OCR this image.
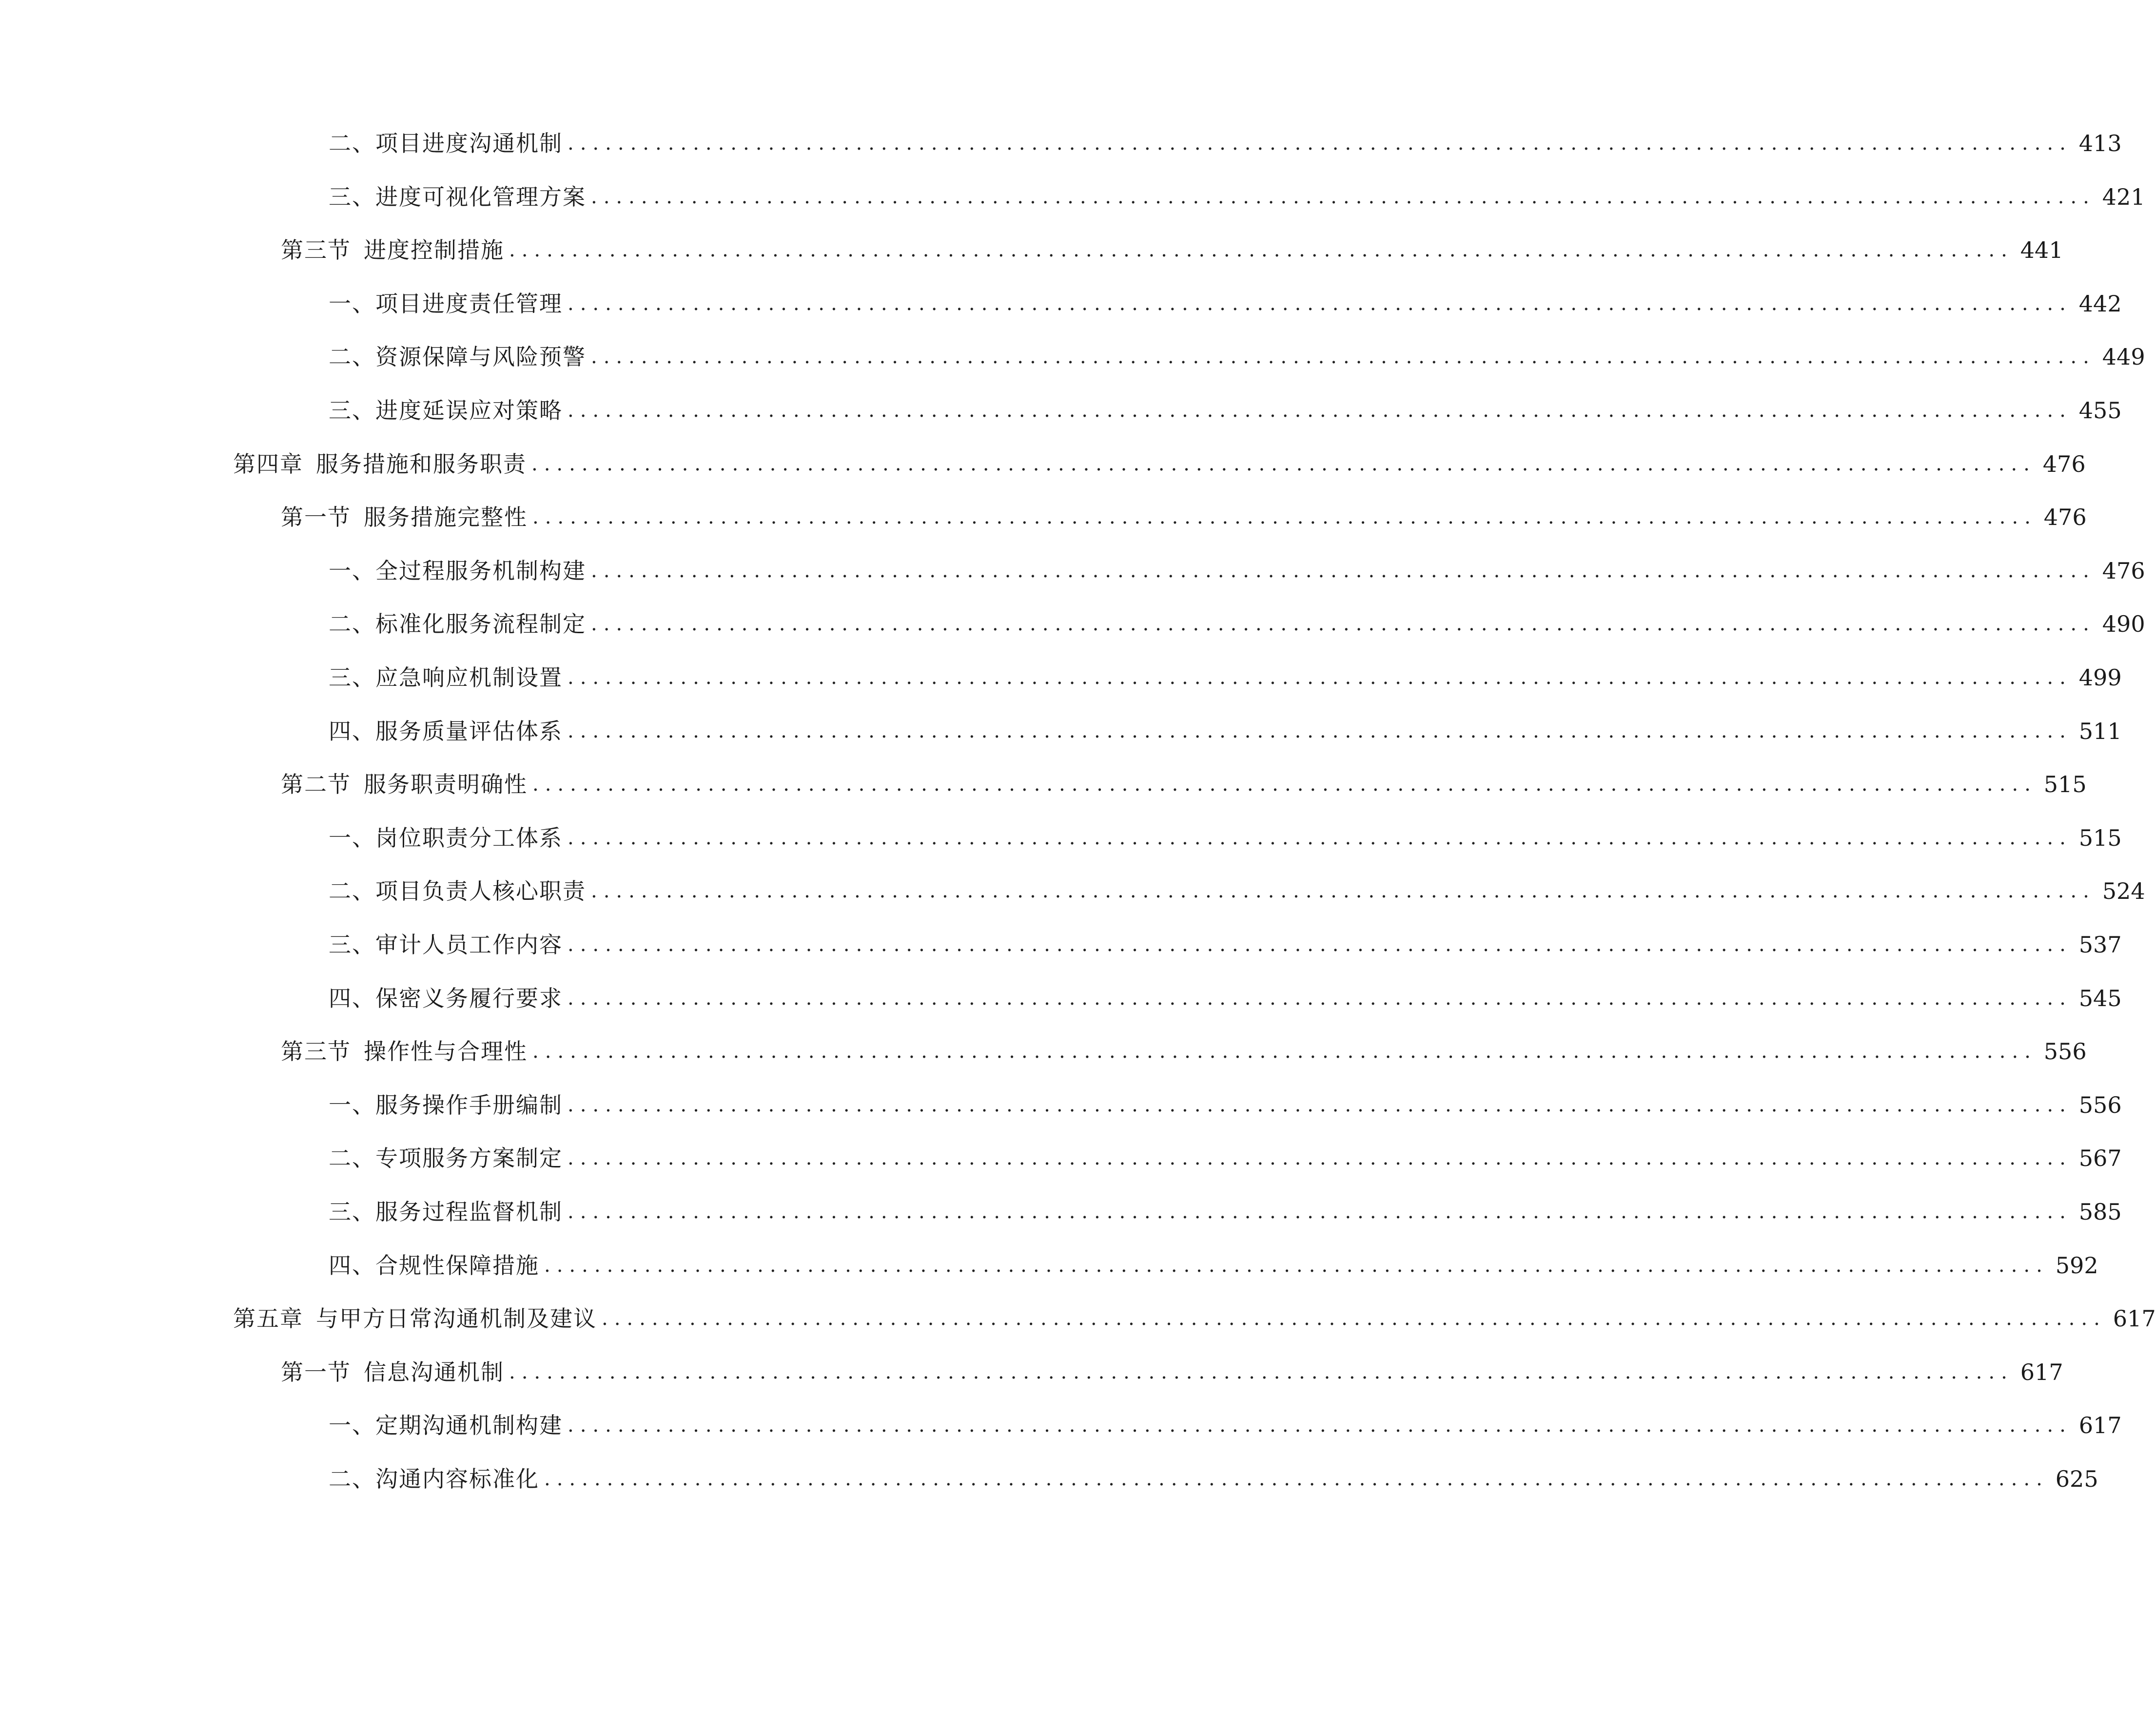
二、 项目进度沟通机制 ........................................................................................................................ 413
三、 进度可视化管理方案 ........................................................................................................................ 421
第三节 进度控制措施 ........................................................................................................................ 441
一、 项目进度责任管理 ........................................................................................................................ 442
二、 资源保障与风险预警 ........................................................................................................................ 449
三、 进度延误应对策略 ........................................................................................................................ 455
第四章 服务措施和服务职责 ........................................................................................................................ 476
第一节 服务措施完整性 ........................................................................................................................ 476
一、 全过程服务机制构建 ........................................................................................................................ 476
二、 标准化服务流程制定 ........................................................................................................................ 490
三、 应急响应机制设置 ........................................................................................................................ 499
四、 服务质量评估体系 ........................................................................................................................ 511
第二节 服务职责明确性 ........................................................................................................................ 515
一、 岗位职责分工体系 ........................................................................................................................ 515
二、 项目负责人核心职责 ........................................................................................................................ 524
三、 审计人员工作内容 ........................................................................................................................ 537
四、 保密义务履行要求 ........................................................................................................................ 545
第三节 操作性与合理性 ........................................................................................................................ 556
一、 服务操作手册编制 ........................................................................................................................ 556
二、 专项服务方案制定 ........................................................................................................................ 567
三、 服务过程监督机制 ........................................................................................................................ 585
四、 合规性保障措施 ........................................................................................................................ 592
第五章 与甲方日常沟通机制及建议 ........................................................................................................................ 617
第一节 信息沟通机制 ........................................................................................................................ 617
一、 定期沟通机制构建 ........................................................................................................................ 617
二、 沟通内容标准化 ........................................................................................................................ 625
